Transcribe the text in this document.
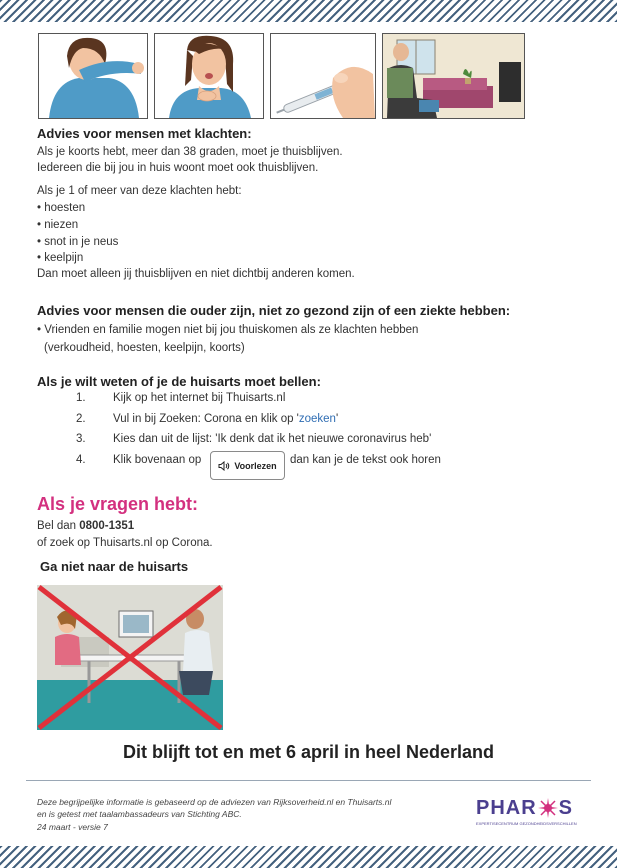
Advies voor mensen met klachten:
Als je koorts hebt, meer dan 38 graden, moet je thuisblijven.
Iedereen die bij jou in huis woont moet ook thuisblijven.
Als je 1 of meer van deze klachten hebt:
• hoesten
• niezen
• snot in je neus
• keelpijn
Dan moet alleen jij thuisblijven en niet dichtbij anderen komen.
Advies voor mensen die ouder zijn, niet zo gezond zijn of een ziekte hebben:
• Vrienden en familie mogen niet bij jou thuiskomen als ze klachten hebben
(verkoudheid, hoesten, keelpijn, koorts)
Als je wilt weten of je de huisarts moet bellen:
1. Kijk op het internet bij Thuisarts.nl
2. Vul in bij Zoeken: Corona en klik op 'zoeken'
3. Kies dan uit de lijst: 'Ik denk dat ik het nieuwe coronavirus heb'
4. Klik bovenaan op	Voorlezen dan kan je de tekst ook horen
Als je vragen hebt:
Bel dan 0800-1351
of zoek op Thuisarts.nl op Corona.
Ga niet naar de huisarts
Dit blijft tot en met 6 april in heel Nederland
Deze begrijpelijke informatie is gebaseerd op de adviezen van Rijksoverheid.nl en Thuisarts.nl
en is getest met taalambassadeurs van Stichting ABC.
24 maart - versie 7
PHAR S
EXPERTISECENTRUM GEZONDHEIDSVERSCHILLEN
